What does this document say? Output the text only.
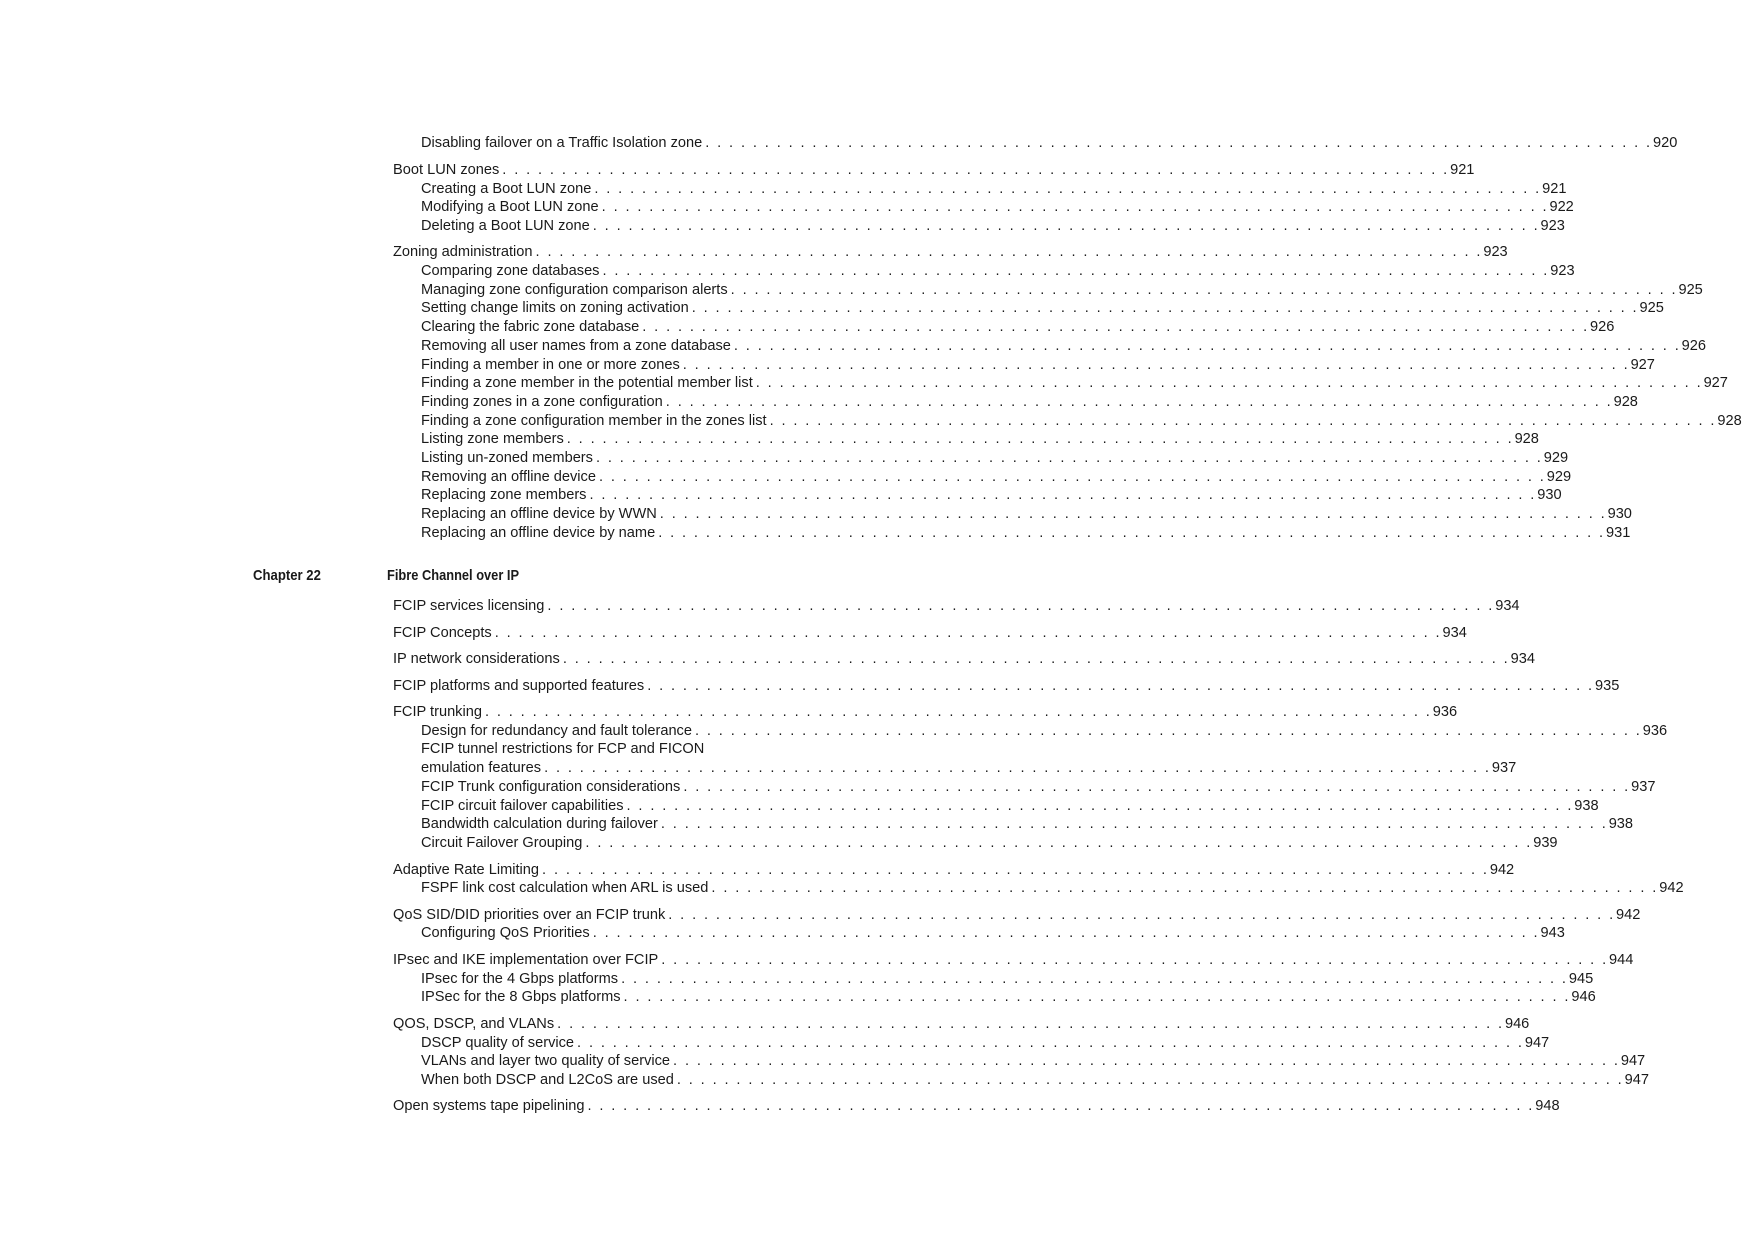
Disabling failover on a Traffic Isolation zone . . . . . . . . . . . . . . . . . . . . . . . . . . . . . . . . . . . . . . . . . . . . . . . . . . . . . . . . . . . . . . . . . . . . . . . . . . . . . . . . 920
Boot LUN zones . . . . . . . . . . . . . . . . . . . . . . . . . . . . . . . . . . . . . . . . . . . . . . . . . . . . . . . . . . . . . . . . . . . . . . . . . . . . . . . . 921
Creating a Boot LUN zone . . . . . . . . . . . . . . . . . . . . . . . . . . . . . . . . . . . . . . . . . . . . . . . . . . . . . . . . . . . . . . . . . . . . . . . . . . . . . . . . 921
Modifying a Boot LUN zone . . . . . . . . . . . . . . . . . . . . . . . . . . . . . . . . . . . . . . . . . . . . . . . . . . . . . . . . . . . . . . . . . . . . . . . . . . . . . . . . 922
Deleting a Boot LUN zone . . . . . . . . . . . . . . . . . . . . . . . . . . . . . . . . . . . . . . . . . . . . . . . . . . . . . . . . . . . . . . . . . . . . . . . . . . . . . . . . 923
Zoning administration . . . . . . . . . . . . . . . . . . . . . . . . . . . . . . . . . . . . . . . . . . . . . . . . . . . . . . . . . . . . . . . . . . . . . . . . . . . . . . . . 923
Comparing zone databases . . . . . . . . . . . . . . . . . . . . . . . . . . . . . . . . . . . . . . . . . . . . . . . . . . . . . . . . . . . . . . . . . . . . . . . . . . . . . . . . 923
Managing zone configuration comparison alerts . . . . . . . . . . . . . . . . . . . . . . . . . . . . . . . . . . . . . . . . . . . . . . . . . . . . . . . . . . . . . . . . . . . . . . . . . . . . . . . . 925
Setting change limits on zoning activation . . . . . . . . . . . . . . . . . . . . . . . . . . . . . . . . . . . . . . . . . . . . . . . . . . . . . . . . . . . . . . . . . . . . . . . . . . . . . . . . 925
Clearing the fabric zone database . . . . . . . . . . . . . . . . . . . . . . . . . . . . . . . . . . . . . . . . . . . . . . . . . . . . . . . . . . . . . . . . . . . . . . . . . . . . . . . . 926
Removing all user names from a zone database . . . . . . . . . . . . . . . . . . . . . . . . . . . . . . . . . . . . . . . . . . . . . . . . . . . . . . . . . . . . . . . . . . . . . . . . . . . . . . . . 926
Finding a member in one or more zones . . . . . . . . . . . . . . . . . . . . . . . . . . . . . . . . . . . . . . . . . . . . . . . . . . . . . . . . . . . . . . . . . . . . . . . . . . . . . . . . 927
Finding a zone member in the potential member list . . . . . . . . . . . . . . . . . . . . . . . . . . . . . . . . . . . . . . . . . . . . . . . . . . . . . . . . . . . . . . . . . . . . . . . . . . . . . . . . 927
Finding zones in a zone configuration . . . . . . . . . . . . . . . . . . . . . . . . . . . . . . . . . . . . . . . . . . . . . . . . . . . . . . . . . . . . . . . . . . . . . . . . . . . . . . . . 928
Finding a zone configuration member in the zones list . . . . . . . . . . . . . . . . . . . . . . . . . . . . . . . . . . . . . . . . . . . . . . . . . . . . . . . . . . . . . . . . . . . . . . . . . . . . . . . . 928
Listing zone members . . . . . . . . . . . . . . . . . . . . . . . . . . . . . . . . . . . . . . . . . . . . . . . . . . . . . . . . . . . . . . . . . . . . . . . . . . . . . . . . 928
Listing un-zoned members . . . . . . . . . . . . . . . . . . . . . . . . . . . . . . . . . . . . . . . . . . . . . . . . . . . . . . . . . . . . . . . . . . . . . . . . . . . . . . . . 929
Removing an offline device . . . . . . . . . . . . . . . . . . . . . . . . . . . . . . . . . . . . . . . . . . . . . . . . . . . . . . . . . . . . . . . . . . . . . . . . . . . . . . . . 929
Replacing zone members . . . . . . . . . . . . . . . . . . . . . . . . . . . . . . . . . . . . . . . . . . . . . . . . . . . . . . . . . . . . . . . . . . . . . . . . . . . . . . . . 930
Replacing an offline device by WWN . . . . . . . . . . . . . . . . . . . . . . . . . . . . . . . . . . . . . . . . . . . . . . . . . . . . . . . . . . . . . . . . . . . . . . . . . . . . . . . . 930
Replacing an offline device by name . . . . . . . . . . . . . . . . . . . . . . . . . . . . . . . . . . . . . . . . . . . . . . . . . . . . . . . . . . . . . . . . . . . . . . . . . . . . . . . . 931
Chapter 22	Fibre Channel over IP
FCIP services licensing . . . . . . . . . . . . . . . . . . . . . . . . . . . . . . . . . . . . . . . . . . . . . . . . . . . . . . . . . . . . . . . . . . . . . . . . . . . . . . . . 934
FCIP Concepts . . . . . . . . . . . . . . . . . . . . . . . . . . . . . . . . . . . . . . . . . . . . . . . . . . . . . . . . . . . . . . . . . . . . . . . . . . . . . . . . 934
IP network considerations . . . . . . . . . . . . . . . . . . . . . . . . . . . . . . . . . . . . . . . . . . . . . . . . . . . . . . . . . . . . . . . . . . . . . . . . . . . . . . . . 934
FCIP platforms and supported features . . . . . . . . . . . . . . . . . . . . . . . . . . . . . . . . . . . . . . . . . . . . . . . . . . . . . . . . . . . . . . . . . . . . . . . . . . . . . . . . 935
FCIP trunking . . . . . . . . . . . . . . . . . . . . . . . . . . . . . . . . . . . . . . . . . . . . . . . . . . . . . . . . . . . . . . . . . . . . . . . . . . . . . . . . 936
Design for redundancy and fault tolerance . . . . . . . . . . . . . . . . . . . . . . . . . . . . . . . . . . . . . . . . . . . . . . . . . . . . . . . . . . . . . . . . . . . . . . . . . . . . . . . . 936
FCIP tunnel restrictions for FCP and FICON
emulation features . . . . . . . . . . . . . . . . . . . . . . . . . . . . . . . . . . . . . . . . . . . . . . . . . . . . . . . . . . . . . . . . . . . . . . . . . . . . . . . . 937
FCIP Trunk configuration considerations . . . . . . . . . . . . . . . . . . . . . . . . . . . . . . . . . . . . . . . . . . . . . . . . . . . . . . . . . . . . . . . . . . . . . . . . . . . . . . . . 937
FCIP circuit failover capabilities . . . . . . . . . . . . . . . . . . . . . . . . . . . . . . . . . . . . . . . . . . . . . . . . . . . . . . . . . . . . . . . . . . . . . . . . . . . . . . . . 938
Bandwidth calculation during failover . . . . . . . . . . . . . . . . . . . . . . . . . . . . . . . . . . . . . . . . . . . . . . . . . . . . . . . . . . . . . . . . . . . . . . . . . . . . . . . . 938
Circuit Failover Grouping . . . . . . . . . . . . . . . . . . . . . . . . . . . . . . . . . . . . . . . . . . . . . . . . . . . . . . . . . . . . . . . . . . . . . . . . . . . . . . . . 939
Adaptive Rate Limiting . . . . . . . . . . . . . . . . . . . . . . . . . . . . . . . . . . . . . . . . . . . . . . . . . . . . . . . . . . . . . . . . . . . . . . . . . . . . . . . . 942
FSPF link cost calculation when ARL is used . . . . . . . . . . . . . . . . . . . . . . . . . . . . . . . . . . . . . . . . . . . . . . . . . . . . . . . . . . . . . . . . . . . . . . . . . . . . . . . . 942
QoS SID/DID priorities over an FCIP trunk . . . . . . . . . . . . . . . . . . . . . . . . . . . . . . . . . . . . . . . . . . . . . . . . . . . . . . . . . . . . . . . . . . . . . . . . . . . . . . . . 942
Configuring QoS Priorities . . . . . . . . . . . . . . . . . . . . . . . . . . . . . . . . . . . . . . . . . . . . . . . . . . . . . . . . . . . . . . . . . . . . . . . . . . . . . . . . 943
IPsec and IKE implementation over FCIP . . . . . . . . . . . . . . . . . . . . . . . . . . . . . . . . . . . . . . . . . . . . . . . . . . . . . . . . . . . . . . . . . . . . . . . . . . . . . . . . 944
IPsec for the 4 Gbps platforms . . . . . . . . . . . . . . . . . . . . . . . . . . . . . . . . . . . . . . . . . . . . . . . . . . . . . . . . . . . . . . . . . . . . . . . . . . . . . . . . 945
IPSec for the 8 Gbps platforms . . . . . . . . . . . . . . . . . . . . . . . . . . . . . . . . . . . . . . . . . . . . . . . . . . . . . . . . . . . . . . . . . . . . . . . . . . . . . . . . 946
QOS, DSCP, and VLANs . . . . . . . . . . . . . . . . . . . . . . . . . . . . . . . . . . . . . . . . . . . . . . . . . . . . . . . . . . . . . . . . . . . . . . . . . . . . . . . . 946
DSCP quality of service . . . . . . . . . . . . . . . . . . . . . . . . . . . . . . . . . . . . . . . . . . . . . . . . . . . . . . . . . . . . . . . . . . . . . . . . . . . . . . . . 947
VLANs and layer two quality of service . . . . . . . . . . . . . . . . . . . . . . . . . . . . . . . . . . . . . . . . . . . . . . . . . . . . . . . . . . . . . . . . . . . . . . . . . . . . . . . . 947
When both DSCP and L2CoS are used . . . . . . . . . . . . . . . . . . . . . . . . . . . . . . . . . . . . . . . . . . . . . . . . . . . . . . . . . . . . . . . . . . . . . . . . . . . . . . . . 947
Open systems tape pipelining . . . . . . . . . . . . . . . . . . . . . . . . . . . . . . . . . . . . . . . . . . . . . . . . . . . . . . . . . . . . . . . . . . . . . . . . . . . . . . . . 948
